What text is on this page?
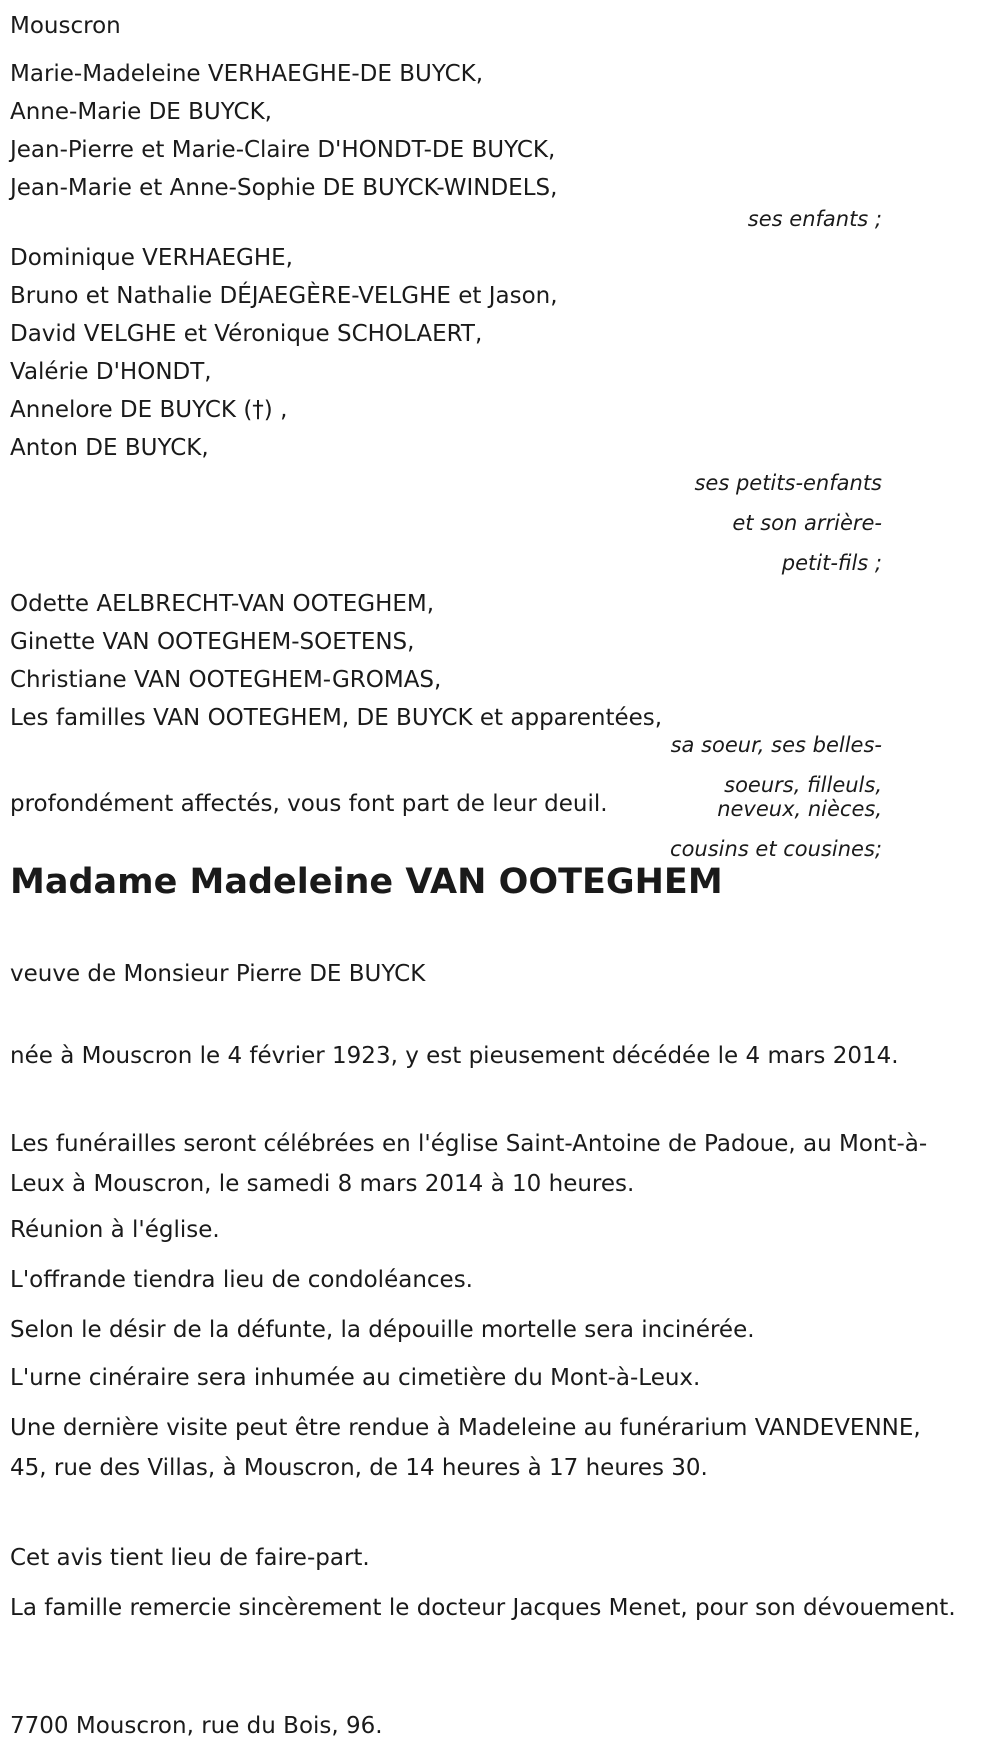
Mouscron
Marie-Madeleine VERHAEGHE-DE BUYCK,
Anne-Marie DE BUYCK,
Jean-Pierre et Marie-Claire D'HONDT-DE BUYCK,
Jean-Marie et Anne-Sophie DE BUYCK-WINDELS,
ses enfants ;
Dominique VERHAEGHE,
Bruno et Nathalie DÉJAEGÈRE-VELGHE et Jason,
David VELGHE et Véronique SCHOLAERT,
Valérie D'HONDT,
Annelore DE BUYCK (†) ,
Anton DE BUYCK,
ses petits-enfants
et son arrière-
petit-fils ;
Odette AELBRECHT-VAN OOTEGHEM,
Ginette VAN OOTEGHEM-SOETENS,
Christiane VAN OOTEGHEM-GROMAS,
Les familles VAN OOTEGHEM, DE BUYCK et apparentées,
sa soeur, ses belles-
soeurs, filleuls,
neveux, nièces,
cousins et cousines;
profondément affectés, vous font part de leur deuil.
Madame Madeleine VAN OOTEGHEM
veuve de Monsieur Pierre DE BUYCK
née à Mouscron le 4 février 1923, y est pieusement décédée le 4 mars 2014.
Les funérailles seront célébrées en l'église Saint-Antoine de Padoue, au Mont-à-Leux à Mouscron, le samedi 8 mars 2014 à 10 heures.
Réunion à l'église.
L'offrande tiendra lieu de condoléances.
Selon le désir de la défunte, la dépouille mortelle sera incinérée.
L'urne cinéraire sera inhumée au cimetière du Mont-à-Leux.
Une dernière visite peut être rendue à Madeleine au funérarium VANDEVENNE, 45, rue des Villas, à Mouscron, de 14 heures à 17 heures 30.
Cet avis tient lieu de faire-part.
La famille remercie sincèrement le docteur Jacques Menet, pour son dévouement.
7700 Mouscron, rue du Bois, 96.
